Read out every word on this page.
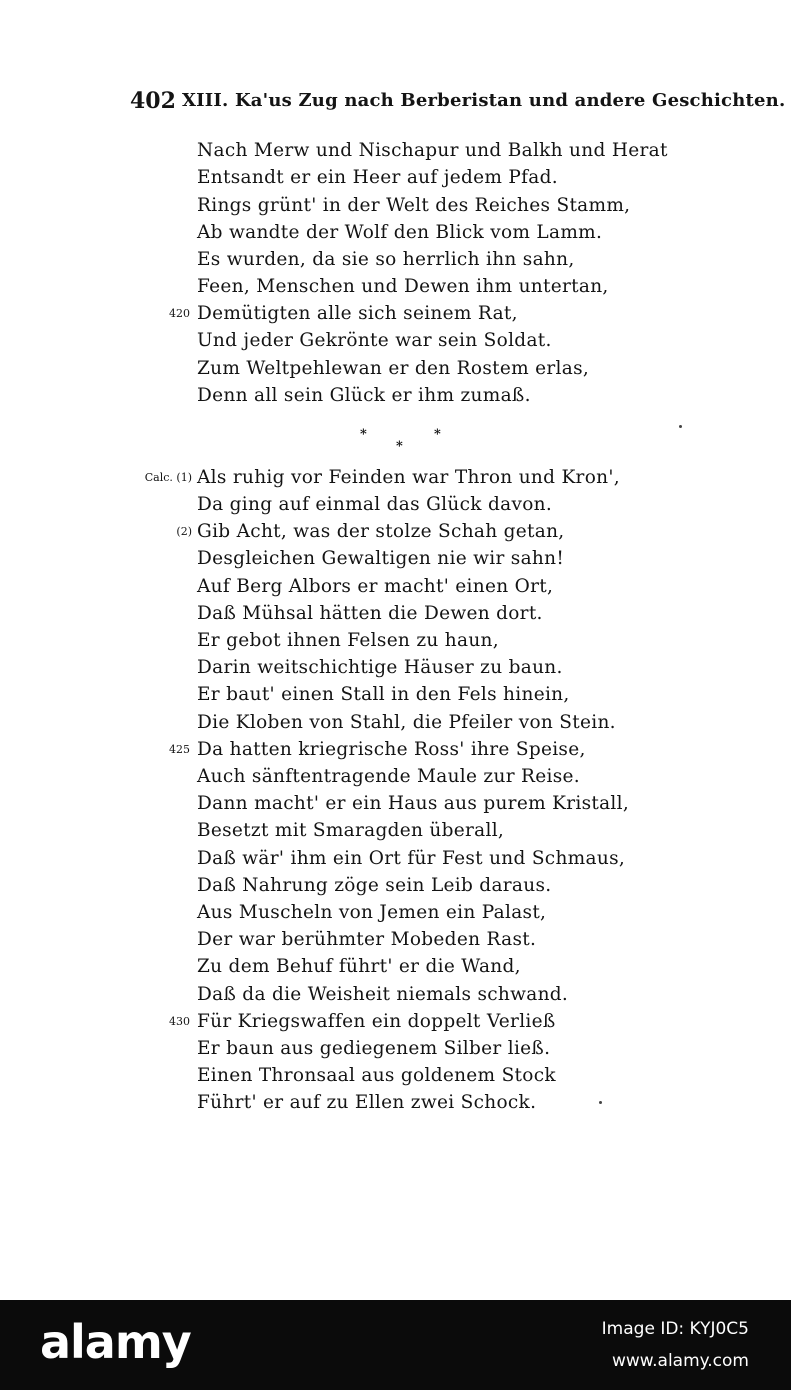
402 XIII. Ka'us Zug nach Berberistan und andere Geschichten.
Nach Merw und Nischapur und Balkh und Herat
Entsandt er ein Heer auf jedem Pfad.
Rings grünt' in der Welt des Reiches Stamm,
Ab wandte der Wolf den Blick vom Lamm.
Es wurden, da sie so herrlich ihn sahn,
Feen, Menschen und Dewen ihm untertan,
Demütigten alle sich seinem Rat,
Und jeder Gekrönte war sein Soldat.
Zum Weltpehlewan er den Rostem erlas,
Denn all sein Glück er ihm zumaß.
420
*
*
*
Als ruhig vor Feinden war Thron und Kron',
Da ging auf einmal das Glück davon.
Gib Acht, was der stolze Schah getan,
Desgleichen Gewaltigen nie wir sahn!
Auf Berg Albors er macht' einen Ort,
Daß Mühsal hätten die Dewen dort.
Er gebot ihnen Felsen zu haun,
Darin weitschichtige Häuser zu baun.
Er baut' einen Stall in den Fels hinein,
Die Kloben von Stahl, die Pfeiler von Stein.
Da hatten kriegrische Ross' ihre Speise,
Auch sänftentragende Maule zur Reise.
Dann macht' er ein Haus aus purem Kristall,
Besetzt mit Smaragden überall,
Daß wär' ihm ein Ort für Fest und Schmaus,
Daß Nahrung zöge sein Leib daraus.
Aus Muscheln von Jemen ein Palast,
Der war berühmter Mobeden Rast.
Zu dem Behuf führt' er die Wand,
Daß da die Weisheit niemals schwand.
Für Kriegswaffen ein doppelt Verließ
Er baun aus gediegenem Silber ließ.
Einen Thronsaal aus goldenem Stock
Führt' er auf zu Ellen zwei Schock.
Calc. (1)
(2)
425
430
alamy	Image ID: KYJ0C5
www.alamy.com
